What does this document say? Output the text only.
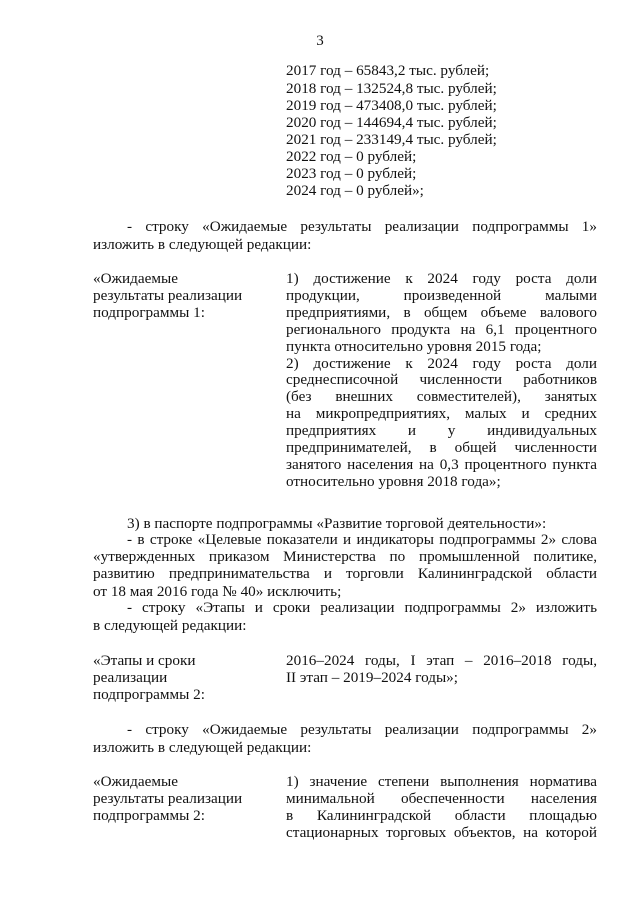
3
2017 год – 65843,2 тыс. рублей;
2018 год – 132524,8 тыс. рублей;
2019 год – 473408,0 тыс. рублей;
2020 год – 144694,4 тыс. рублей;
2021 год – 233149,4 тыс. рублей;
2022 год – 0 рублей;
2023 год – 0 рублей;
2024 год – 0 рублей»;
- строку «Ожидаемые результаты реализации подпрограммы 1»
изложить в следующей редакции:
«Ожидаемые
результаты реализации
подпрограммы 1:
1) достижение к 2024 году роста доли
продукции, произведенной малыми
предприятиями, в общем объеме валового
регионального продукта на 6,1 процентного
пункта относительно уровня 2015 года;
2) достижение к 2024 году роста доли
среднесписочной численности работников
(без внешних совместителей), занятых
на микропредприятиях, малых и средних
предприятиях и у индивидуальных
предпринимателей, в общей численности
занятого населения на 0,3 процентного пункта
относительно уровня 2018 года»;
3) в паспорте подпрограммы «Развитие торговой деятельности»:
- в строке «Целевые показатели и индикаторы подпрограммы 2» слова
«утвержденных приказом Министерства по промышленной политике,
развитию предпринимательства и торговли Калининградской области
от 18 мая 2016 года № 40» исключить;
- строку «Этапы и сроки реализации подпрограммы 2» изложить
в следующей редакции:
«Этапы и сроки
реализации
подпрограммы 2:
2016–2024 годы, I этап – 2016–2018 годы,
II этап – 2019–2024 годы»;
- строку «Ожидаемые результаты реализации подпрограммы 2»
изложить в следующей редакции:
«Ожидаемые
результаты реализации
подпрограммы 2:
1) значение степени выполнения норматива
минимальной обеспеченности населения
в Калининградской области площадью
стационарных торговых объектов, на которой
